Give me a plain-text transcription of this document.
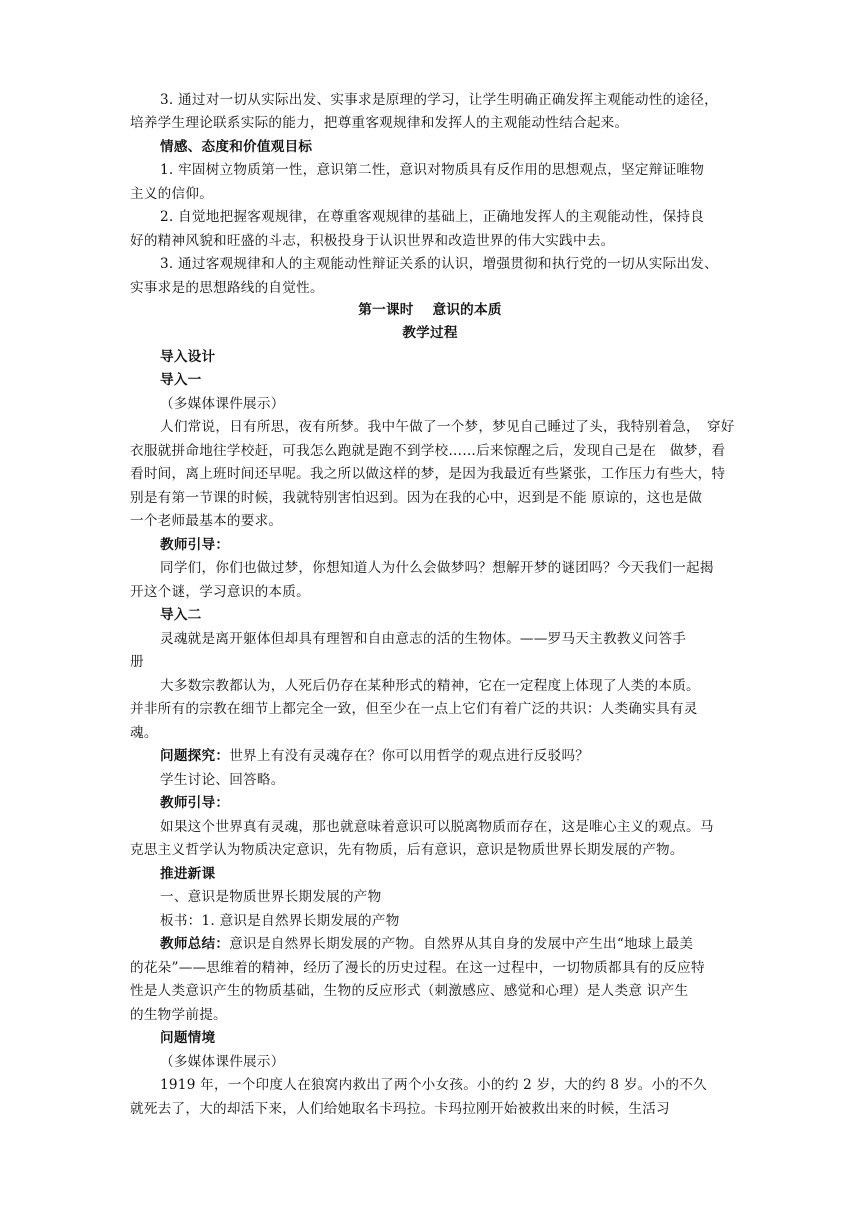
3. 通过对一切从实际出发、实事求是原理的学习，让学生明确正确发挥主观能动性的途径，
培养学生理论联系实际的能力，把尊重客观规律和发挥人的主观能动性结合起来。
情感、态度和价值观目标
1. 牢固树立物质第一性，意识第二性，意识对物质具有反作用的思想观点，坚定辩证唯物
主义的信仰。
2. 自觉地把握客观规律，在尊重客观规律的基础上，正确地发挥人的主观能动性，保持良
好的精神风貌和旺盛的斗志，积极投身于认识世界和改造世界的伟大实践中去。
3. 通过客观规律和人的主观能动性辩证关系的认识，增强贯彻和执行党的一切从实际出发、
实事求是的思想路线的自觉性。
第一课时　 意识的本质
教学过程
导入设计
导入一
（多媒体课件展示）
人们常说，日有所思，夜有所梦。我中午做了一个梦，梦见自己睡过了头，我特别着急，　穿好
衣服就拼命地往学校赶，可我怎么跑就是跑不到学校……后来惊醒之后，发现自己是在　做梦，看
看时间，离上班时间还早呢。我之所以做这样的梦，是因为我最近有些紧张，工作压力有些大，特
别是有第一节课的时候，我就特别害怕迟到。因为在我的心中，迟到是不能 原谅的，这也是做
一个老师最基本的要求。
教师引导：
同学们，你们也做过梦，你想知道人为什么会做梦吗？想解开梦的谜团吗？今天我们一起揭
开这个谜，学习意识的本质。
导入二
灵魂就是离开躯体但却具有理智和自由意志的活的生物体。——罗马天主教教义问答手
册
大多数宗教都认为，人死后仍存在某种形式的精神，它在一定程度上体现了人类的本质。
并非所有的宗教在细节上都完全一致，但至少在一点上它们有着广泛的共识：人类确实具有灵
魂。
问题探究：世界上有没有灵魂存在？你可以用哲学的观点进行反驳吗？
学生讨论、回答略。
教师引导：
如果这个世界真有灵魂，那也就意味着意识可以脱离物质而存在，这是唯心主义的观点。马
克思主义哲学认为物质决定意识，先有物质，后有意识，意识是物质世界长期发展的产物。
推进新课
一、意识是物质世界长期发展的产物
板书：1. 意识是自然界长期发展的产物
教师总结：意识是自然界长期发展的产物。自然界从其自身的发展中产生出“地球上最美
的花朵”——思维着的精神，经历了漫长的历史过程。在这一过程中，一切物质都具有的反应特
性是人类意识产生的物质基础，生物的反应形式（刺激感应、感觉和心理）是人类意 识产生
的生物学前提。
问题情境
（多媒体课件展示）
1919 年，一个印度人在狼窝内救出了两个小女孩。小的约 2 岁，大的约 8 岁。小的不久
就死去了，大的却活下来，人们给她取名卡玛拉。卡玛拉刚开始被救出来的时候，生活习
